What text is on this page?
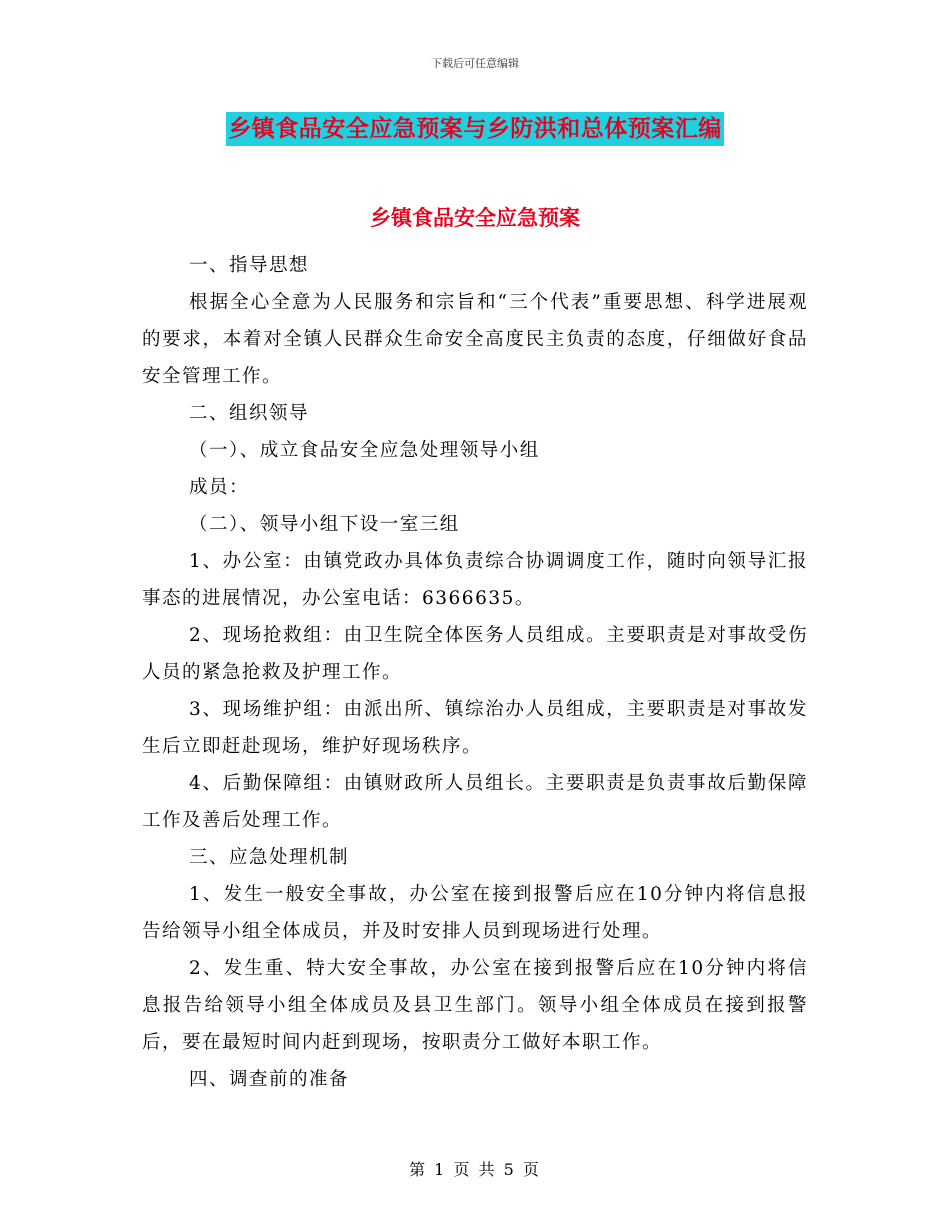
下载后可任意编辑
乡镇食品安全应急预案与乡防洪和总体预案汇编
乡镇食品安全应急预案

一、指导思想

根据全心全意为人民服务和宗旨和“三个代表”重要思想、科学进展观的要求，本着对全镇人民群众生命安全高度民主负责的态度，仔细做好食品安全管理工作。

二、组织领导

（一）、成立食品安全应急处理领导小组

成员：

（二）、领导小组下设一室三组

1、办公室：由镇党政办具体负责综合协调调度工作，随时向领导汇报事态的进展情况，办公室电话：6366635。

2、现场抢救组：由卫生院全体医务人员组成。主要职责是对事故受伤人员的紧急抢救及护理工作。

3、现场维护组：由派出所、镇综治办人员组成，主要职责是对事故发生后立即赶赴现场，维护好现场秩序。

4、后勤保障组：由镇财政所人员组长。主要职责是负责事故后勤保障工作及善后处理工作。

三、应急处理机制

1、发生一般安全事故，办公室在接到报警后应在10分钟内将信息报告给领导小组全体成员，并及时安排人员到现场进行处理。

2、发生重、特大安全事故，办公室在接到报警后应在10分钟内将信息报告给领导小组全体成员及县卫生部门。领导小组全体成员在接到报警后，要在最短时间内赶到现场，按职责分工做好本职工作。

四、调查前的准备

第 1 页 共 5 页
